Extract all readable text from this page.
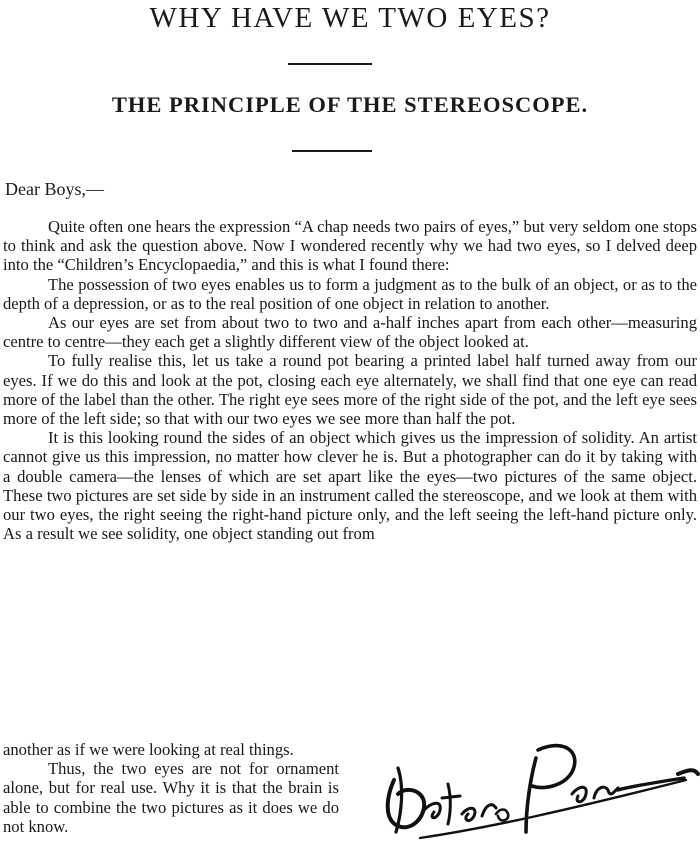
WHY HAVE WE TWO EYES?
THE PRINCIPLE OF THE STEREOSCOPE.

Dear Boys,—

Quite often one hears the expression “A chap needs two pairs of eyes,” but very seldom one stops to think and ask the question above. Now I wondered recently why we had two eyes, so I delved deep into the “Children’s Encyclopaedia,” and this is what I found there:

The possession of two eyes enables us to form a judgment as to the bulk of an object, or as to the depth of a depression, or as to the real position of one object in relation to another.

As our eyes are set from about two to two and a-half inches apart from each other—measuring centre to centre—they each get a slightly different view of the object looked at.

To fully realise this, let us take a round pot bearing a printed label half turned away from our eyes. If we do this and look at the pot, closing each eye alternately, we shall find that one eye can read more of the label than the other. The right eye sees more of the right side of the pot, and the left eye sees more of the left side; so that with our two eyes we see more than half the pot.

It is this looking round the sides of an object which gives us the impression of solidity. An artist cannot give us this impression, no matter how clever he is. But a photographer can do it by taking with a double camera—the lenses of which are set apart like the eyes—two pictures of the same object. These two pictures are set side by side in an instrument called the stereoscope, and we look at them with our two eyes, the right seeing the right-hand picture only, and the left seeing the left-hand picture only. As a result we see solidity, one object standing out from

another as if we were looking at real things.

Thus, the two eyes are not for ornament alone, but for real use. Why it is that the brain is able to combine the two pictures as it does we do not know.
